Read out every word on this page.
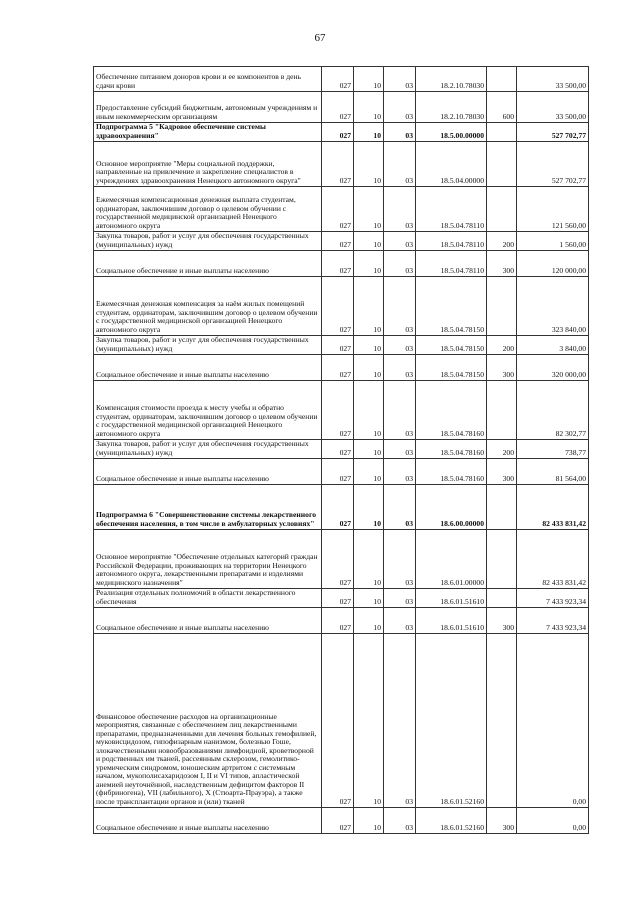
67
Обеспечение питанием доноров крови и ее компонентов в день сдачи крови	027	10	03	18.2.10.78030		33 500,00
Предоставление субсидий бюджетным, автономным учреждениям и иным некоммерческим организациям	027	10	03	18.2.10.78030	600	33 500,00
Подпрограмма 5 "Кадровое обеспечение системы здравоохранения"	027	10	03	18.5.00.00000		527 702,77
Основное мероприятие "Меры социальной поддержки, направленные на привлечение и закрепление специалистов в учреждениях здравоохранения Ненецкого автономного округа"	027	10	03	18.5.04.00000		527 702,77
Ежемесячная компенсационная денежная выплата студентам, ординаторам, заключившим договор о целевом обучении с государственной медицинской организацией Ненецкого автономного округа	027	10	03	18.5.04.78110		121 560,00
Закупка товаров, работ и услуг для обеспечения государственных (муниципальных) нужд	027	10	03	18.5.04.78110	200	1 560,00
Социальное обеспечение и иные выплаты населению	027	10	03	18.5.04.78110	300	120 000,00
Ежемесячная денежная компенсация за наём жилых помещений студентам, ординаторам, заключившим договор о целевом обучении с государственной медицинской организацией Ненецкого автономного округа	027	10	03	18.5.04.78150		323 840,00
Закупка товаров, работ и услуг для обеспечения государственных (муниципальных) нужд	027	10	03	18.5.04.78150	200	3 840,00
Социальное обеспечение и иные выплаты населению	027	10	03	18.5.04.78150	300	320 000,00
Компенсация стоимости проезда к месту учебы и обратно студентам, ординаторам, заключившим договор о целевом обучении с государственной медицинской организацией Ненецкого автономного округа	027	10	03	18.5.04.78160		82 302,77
Закупка товаров, работ и услуг для обеспечения государственных (муниципальных) нужд	027	10	03	18.5.04.78160	200	738,77
Социальное обеспечение и иные выплаты населению	027	10	03	18.5.04.78160	300	81 564,00
Подпрограмма 6 "Совершенствование системы лекарственного обеспечения населения, в том числе в амбулаторных условиях"	027	10	03	18.6.00.00000		82 433 831,42
Основное мероприятие "Обеспечение отдельных категорий граждан Российской Федерации, проживающих на территории Ненецкого автономного округа, лекарственными препаратами и изделиями медицинского назначения"	027	10	03	18.6.01.00000		82 433 831,42
Реализация отдельных полномочий в области лекарственного обеспечения	027	10	03	18.6.01.51610		7 433 923,34
Социальное обеспечение и иные выплаты населению	027	10	03	18.6.01.51610	300	7 433 923,34
Финансовое обеспечение расходов на организационные мероприятия, связанные с обеспечением лиц лекарственными препаратами, предназначенными для лечения больных гемофилией, муковисцидозом, гипофизарным нанизмом, болезнью Гоше, злокачественными новообразованиями лимфоидной, кроветворной и родственных им тканей, рассеянным склерозом, гемолитико-уремическим синдромом, юношеским артритом с системным началом, мукополисахаридозом I, II и VI типов, апластической анемией неуточнённой, наследственным дефицитом факторов II (фибриногена), VII (лабильного), X (Стюарта-Прауэра), а также после трансплантации органов и (или) тканей	027	10	03	18.6.01.52160		0,00
Социальное обеспечение и иные выплаты населению	027	10	03	18.6.01.52160	300	0,00
